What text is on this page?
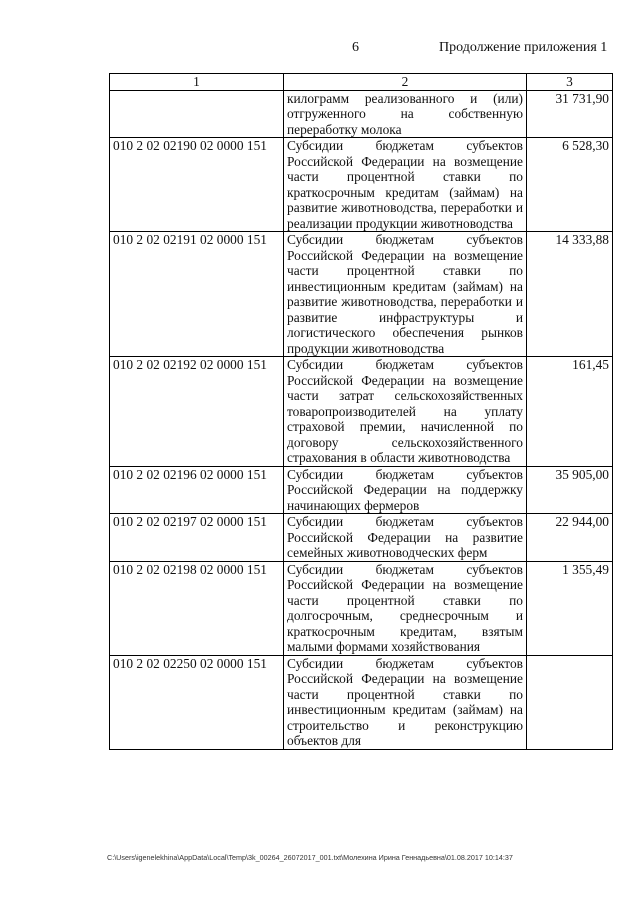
6	Продолжение приложения 1
1	2	3
	килограмм реализованного и (или) отгруженного на собственную переработку молока	31 731,90
010 2 02 02190 02 0000 151	Субсидии бюджетам субъектов Российской Федерации на возмещение части процентной ставки по краткосрочным кредитам (займам) на развитие животноводства, переработки и реализации продукции животноводства	6 528,30
010 2 02 02191 02 0000 151	Субсидии бюджетам субъектов Российской Федерации на возмещение части процентной ставки по инвестиционным кредитам (займам) на развитие животноводства, переработки и развитие инфраструктуры и логистического обеспечения рынков продукции животноводства	14 333,88
010 2 02 02192 02 0000 151	Субсидии бюджетам субъектов Российской Федерации на возмещение части затрат сельскохозяйственных товаропроизводителей на уплату страховой премии, начисленной по договору сельскохозяйственного страхования в области животноводства	161,45
010 2 02 02196 02 0000 151	Субсидии бюджетам субъектов Российской Федерации на поддержку начинающих фермеров	35 905,00
010 2 02 02197 02 0000 151	Субсидии бюджетам субъектов Российской Федерации на развитие семейных животноводческих ферм	22 944,00
010 2 02 02198 02 0000 151	Субсидии бюджетам субъектов Российской Федерации на возмещение части процентной ставки по долгосрочным, среднесрочным и краткосрочным кредитам, взятым малыми формами хозяйствования	1 355,49
010 2 02 02250 02 0000 151	Субсидии бюджетам субъектов Российской Федерации на возмещение части процентной ставки по инвестиционным кредитам (займам) на строительство и реконструкцию объектов для	
C:\Users\igenelekhina\AppData\Local\Temp\3k_00264_26072017_001.txt\Молехина Ирина Геннадьевна\01.08.2017 10:14:37
